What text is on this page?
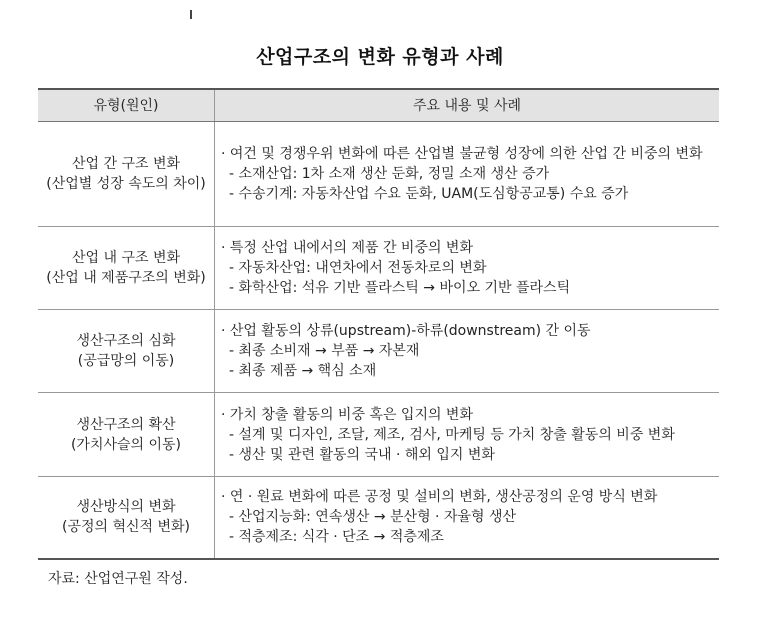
산업구조의 변화 유형과 사례
유형(원인)	주요 내용 및 사례

산업 간 구조 변화
(산업별 성장 속도의 차이)	· 여건 및 경쟁우위 변화에 따른 산업별 불균형 성장에 의한 산업 간 비중의 변화
- 소재산업: 1차 소재 생산 둔화, 정밀 소재 생산 증가
- 수송기계: 자동차산업 수요 둔화, UAM(도심항공교통) 수요 증가

산업 내 구조 변화
(산업 내 제품구조의 변화)	· 특정 산업 내에서의 제품 간 비중의 변화
- 자동차산업: 내연차에서 전동차로의 변화
- 화학산업: 석유 기반 플라스틱 → 바이오 기반 플라스틱

생산구조의 심화
(공급망의 이동)	· 산업 활동의 상류(upstream)-하류(downstream) 간 이동
- 최종 소비재 → 부품 → 자본재
- 최종 제품 → 핵심 소재

생산구조의 확산
(가치사슬의 이동)	· 가치 창출 활동의 비중 혹은 입지의 변화
- 설계 및 디자인, 조달, 제조, 검사, 마케팅 등 가치 창출 활동의 비중 변화
- 생산 및 관련 활동의 국내 · 해외 입지 변화

생산방식의 변화
(공정의 혁신적 변화)	· 연 · 원료 변화에 따른 공정 및 설비의 변화, 생산공정의 운영 방식 변화
- 산업지능화: 연속생산 → 분산형 · 자율형 생산
- 적층제조: 식각 · 단조 → 적층제조
자료: 산업연구원 작성.
